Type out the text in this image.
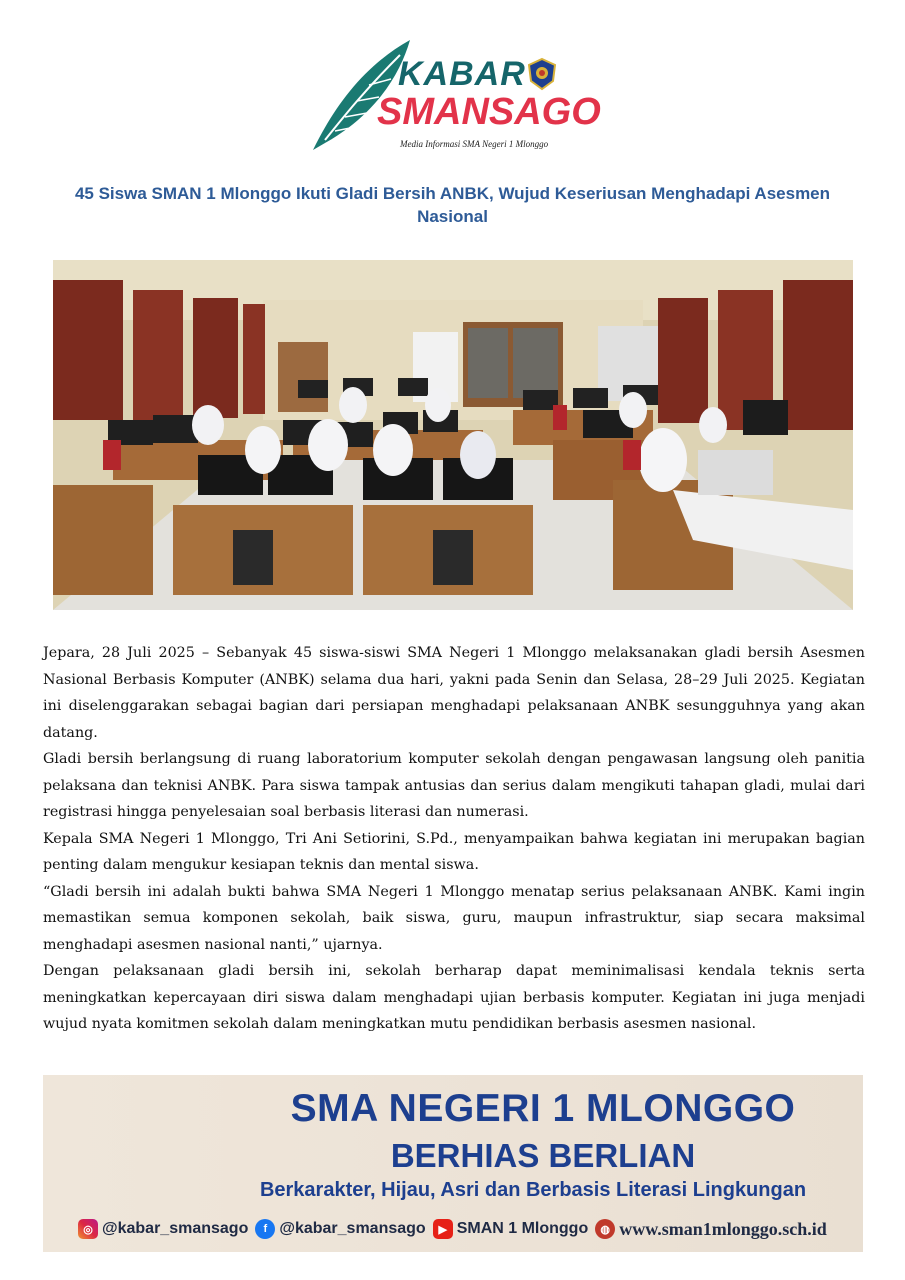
KABAR
SMANSAGO
Media Informasi SMA Negeri 1 Mlonggo
45 Siswa SMAN 1 Mlonggo Ikuti Gladi Bersih ANBK, Wujud Keseriusan Menghadapi Asesmen Nasional

Jepara, 28 Juli 2025 – Sebanyak 45 siswa-siswi SMA Negeri 1 Mlonggo melaksanakan gladi bersih Asesmen Nasional Berbasis Komputer (ANBK) selama dua hari, yakni pada Senin dan Selasa, 28–29 Juli 2025. Kegiatan ini diselenggarakan sebagai bagian dari persiapan menghadapi pelaksanaan ANBK sesungguhnya yang akan datang.

Gladi bersih berlangsung di ruang laboratorium komputer sekolah dengan pengawasan langsung oleh panitia pelaksana dan teknisi ANBK. Para siswa tampak antusias dan serius dalam mengikuti tahapan gladi, mulai dari registrasi hingga penyelesaian soal berbasis literasi dan numerasi.

Kepala SMA Negeri 1 Mlonggo, Tri Ani Setiorini, S.Pd., menyampaikan bahwa kegiatan ini merupakan bagian penting dalam mengukur kesiapan teknis dan mental siswa.

“Gladi bersih ini adalah bukti bahwa SMA Negeri 1 Mlonggo menatap serius pelaksanaan ANBK. Kami ingin memastikan semua komponen sekolah, baik siswa, guru, maupun infrastruktur, siap secara maksimal menghadapi asesmen nasional nanti,” ujarnya.

Dengan pelaksanaan gladi bersih ini, sekolah berharap dapat meminimalisasi kendala teknis serta meningkatkan kepercayaan diri siswa dalam menghadapi ujian berbasis komputer. Kegiatan ini juga menjadi wujud nyata komitmen sekolah dalam meningkatkan mutu pendidikan berbasis asesmen nasional.

SMA NEGERI 1 MLONGGO
BERHIAS BERLIAN
Berkarakter, Hijau, Asri dan Berbasis Literasi Lingkungan
◎ @kabar_smansago	f @kabar_smansago	▶ SMAN 1 Mlonggo	◍ www.sman1mlonggo.sch.id
